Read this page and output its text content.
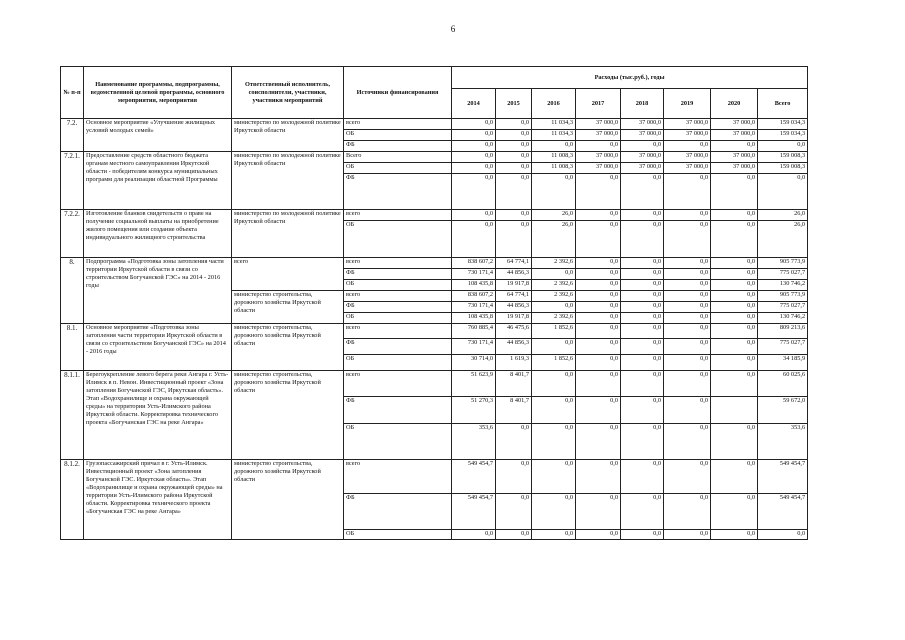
6
№ п-п	Наименование программы, подпрограммы, ведомственной целевой программы, основного мероприятия, мероприятия	Ответственный исполнитель, соисполнители, участники, участники мероприятий	Источники финансирования	Расходы (тыс.руб.), годы							
				2014	2015	2016	2017	2018	2019	2020	Всего
7.2.	Основное мероприятие «Улучшение жилищных условий молодых семей»	министерство по молодежной политике Иркутской области	всего	0,0	0,0	11 034,3	37 000,0	37 000,0	37 000,0	37 000,0	159 034,3
			ОБ	0,0	0,0	11 034,3	37 000,0	37 000,0	37 000,0	37 000,0	159 034,3
			ФБ	0,0	0,0	0,0	0,0	0,0	0,0	0,0	0,0
7.2.1.	Предоставление средств областного бюджета органам местного самоуправления Иркутской области - победителям конкурса муниципальных программ для реализации областной Программы	министерство по молодежной политике Иркутской области	Всего	0,0	0,0	11 008,3	37 000,0	37 000,0	37 000,0	37 000,0	159 008,3
			ОБ	0,0	0,0	11 008,3	37 000,0	37 000,0	37 000,0	37 000,0	159 008,3
			ФБ	0,0	0,0	0,0	0,0	0,0	0,0	0,0	0,0
7.2.2.	Изготовление бланков свидетельств о праве на получение социальной выплаты на приобретение жилого помещения или создание объекта индивидуального жилищного строительства	министерство по молодежной политике Иркутской области	всего	0,0	0,0	26,0	0,0	0,0	0,0	0,0	26,0
			ОБ	0,0	0,0	26,0	0,0	0,0	0,0	0,0	26,0
8.	Подпрограмма «Подготовка зоны затопления части территории Иркутской области в связи со строительством Богучанской ГЭС» на 2014 - 2016 годы	всего	всего	838 607,2	64 774,1	2 392,6	0,0	0,0	0,0	0,0	905 773,9
			ФБ	730 171,4	44 856,3	0,0	0,0	0,0	0,0	0,0	775 027,7
			ОБ	108 435,8	19 917,8	2 392,6	0,0	0,0	0,0	0,0	130 746,2
		министерство строительства, дорожного хозяйства Иркутской области	всего	838 607,2	64 774,1	2 392,6	0,0	0,0	0,0	0,0	905 773,9
			ФБ	730 171,4	44 856,3	0,0	0,0	0,0	0,0	0,0	775 027,7
			ОБ	108 435,8	19 917,8	2 392,6	0,0	0,0	0,0	0,0	130 746,2
8.1.	Основное мероприятие «Подготовка зоны затопления части территории Иркутской области в связи со строительством Богучанской ГЭС» на 2014 - 2016 годы	министерство строительства, дорожного хозяйства Иркутской области	всего	760 885,4	46 475,6	1 852,6	0,0	0,0	0,0	0,0	809 213,6
			ФБ	730 171,4	44 856,3	0,0	0,0	0,0	0,0	0,0	775 027,7
			ОБ	30 714,0	1 619,3	1 852,6	0,0	0,0	0,0	0,0	34 185,9
8.1.1.	Берегоукрепление левого берега реки Ангара г. Усть-Илимск в п. Невон. Инвестиционный проект «Зона затопления Богучанской ГЭС, Иркутская область». Этап «Водохранилище и охрана окружающей среды» на территории Усть-Илимского района Иркутской области. Корректировка технического проекта «Богучанская ГЭС на реке Ангара»	министерство строительства, дорожного хозяйства Иркутской области	всего	51 623,9	8 401,7	0,0	0,0	0,0	0,0	0,0	60 025,6
			ФБ	51 270,3	8 401,7	0,0	0,0	0,0	0,0		59 672,0
			ОБ	353,6	0,0	0,0	0,0	0,0	0,0	0,0	353,6
8.1.2.	Грузопассажирский причал в г. Усть-Илимск. Инвестиционный проект «Зона затопления Богучанской ГЭС. Иркутская область». Этап «Водохранилище и охрана окружающей среды» на территории Усть-Илимского района Иркутской области. Корректировка технического проекта «Богучанская ГЭС на реке Ангара»	министерство строительства, дорожного хозяйства Иркутской области	всего	549 454,7	0,0	0,0	0,0	0,0	0,0	0,0	549 454,7
			ФБ	549 454,7	0,0	0,0	0,0	0,0	0,0	0,0	549 454,7
			ОБ	0,0	0,0	0,0	0,0	0,0	0,0	0,0	0,0
